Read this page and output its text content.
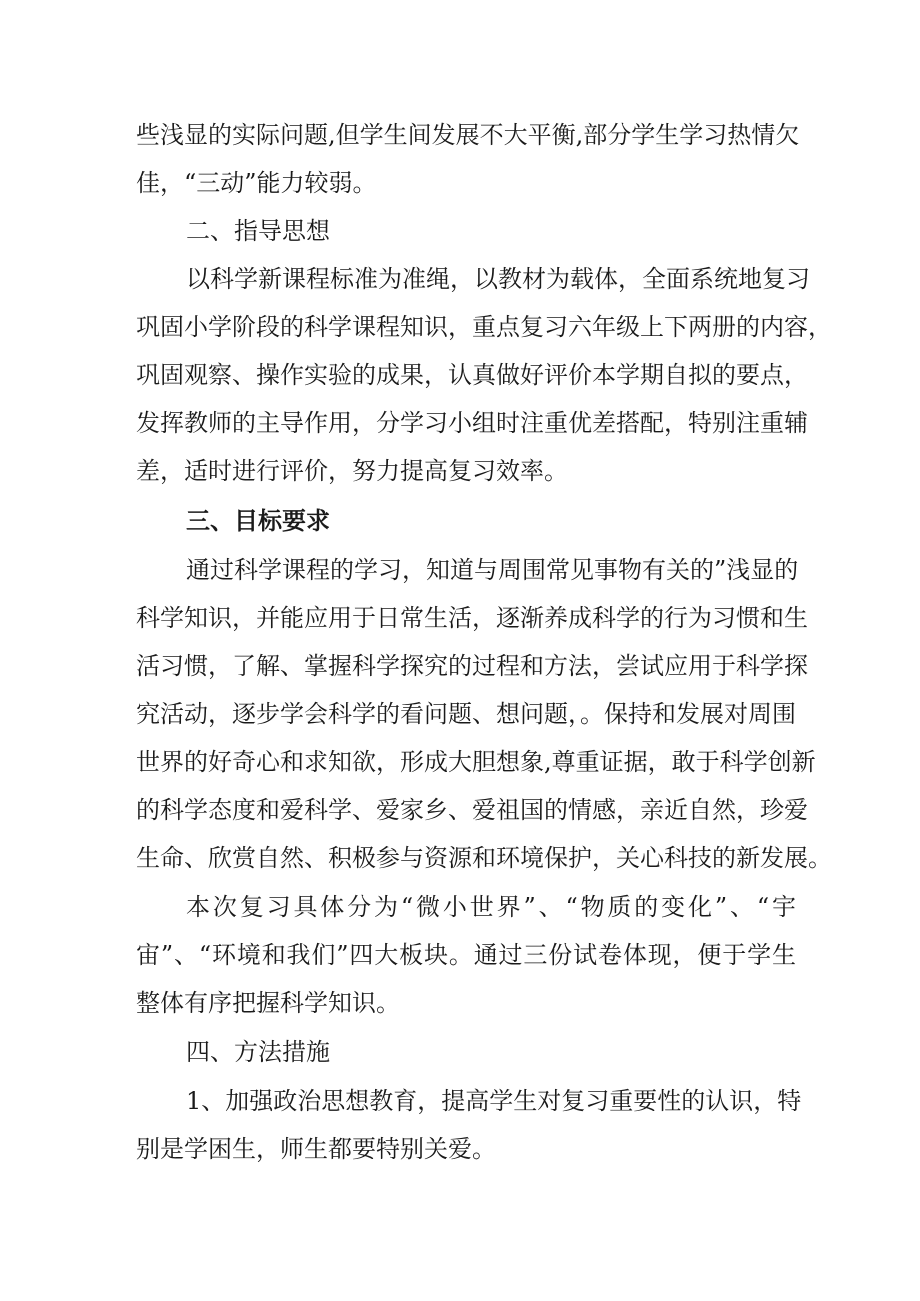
些浅显的实际问题,但学生间发展不大平衡,部分学生学习热情欠
佳，“三动”能力较弱。
二、指导思想
以科学新课程标准为准绳，以教材为载体，全面系统地复习
巩固小学阶段的科学课程知识，重点复习六年级上下两册的内容，
巩固观察、操作实验的成果，认真做好评价本学期自拟的要点，
发挥教师的主导作用，分学习小组时注重优差搭配，特别注重辅
差，适时进行评价，努力提高复习效率。
三、目标要求
通过科学课程的学习，知道与周围常见事物有关的”浅显的
科学知识，并能应用于日常生活，逐渐养成科学的行为习惯和生
活习惯，了解、掌握科学探究的过程和方法，尝试应用于科学探
究活动，逐步学会科学的看问题、想问题，。保持和发展对周围
世界的好奇心和求知欲，形成大胆想象,尊重证据，敢于科学创新
的科学态度和爱科学、爱家乡、爱祖国的情感，亲近自然，珍爱
生命、欣赏自然、积极参与资源和环境保护，关心科技的新发展。
本次复习具体分为“微小世界”、“物质的变化”、“宇
宙”、“环境和我们”四大板块。通过三份试卷体现，便于学生
整体有序把握科学知识。
四、方法措施
1、加强政治思想教育，提高学生对复习重要性的认识，特
别是学困生，师生都要特别关爱。
